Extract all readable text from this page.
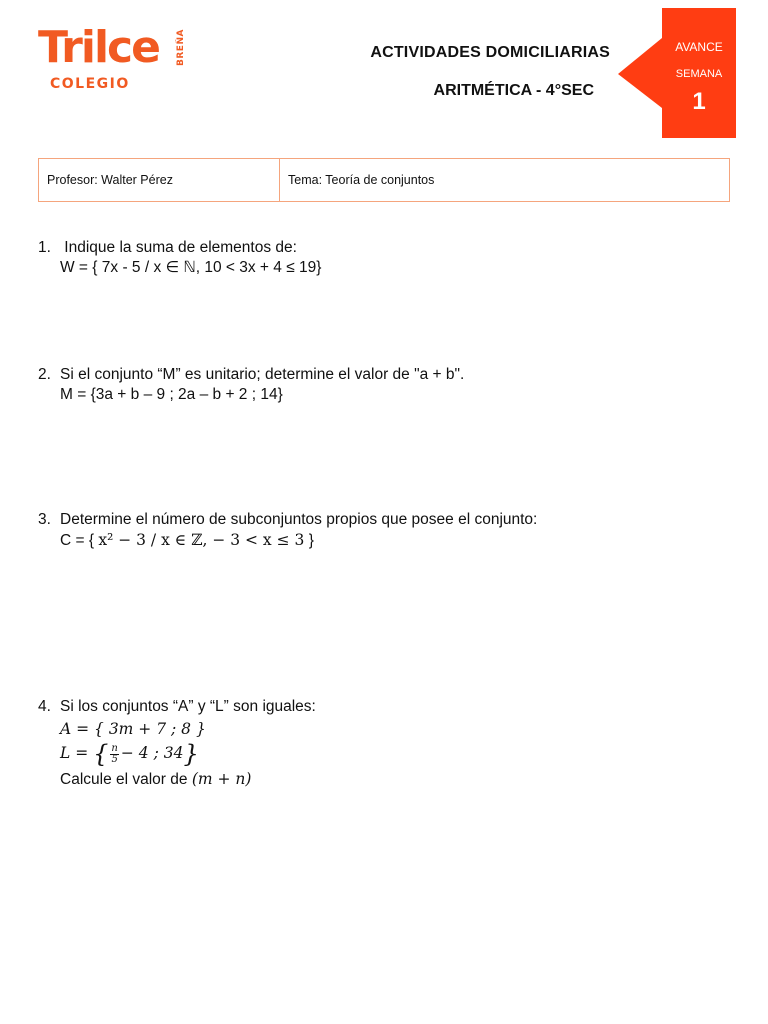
Trilce BREÑA
COLEGIO
ACTIVIDADES DOMICILIARIAS
ARITMÉTICA - 4°SEC
AVANCE
SEMANA
1
Profesor: Walter Pérez	Tema: Teoría de conjuntos
1. Indique la suma de elementos de:
W = { 7x - 5 / x ∈ ℕ, 10 < 3x + 4 ≤ 19}
2. Si el conjunto “M” es unitario; determine el valor de "a + b".
M = {3a + b – 9 ; 2a – b + 2 ; 14}
3. Determine el número de subconjuntos propios que posee el conjunto:
C = { x² − 3 / x ∈ ℤ, − 3 < x ≤ 3 }
4. Si los conjuntos “A” y “L” son iguales:
A = { 3m + 7 ; 8 }
L = { $\frac{n}{5} - 4$ ; 34}
Calcule el valor de (m + n)
